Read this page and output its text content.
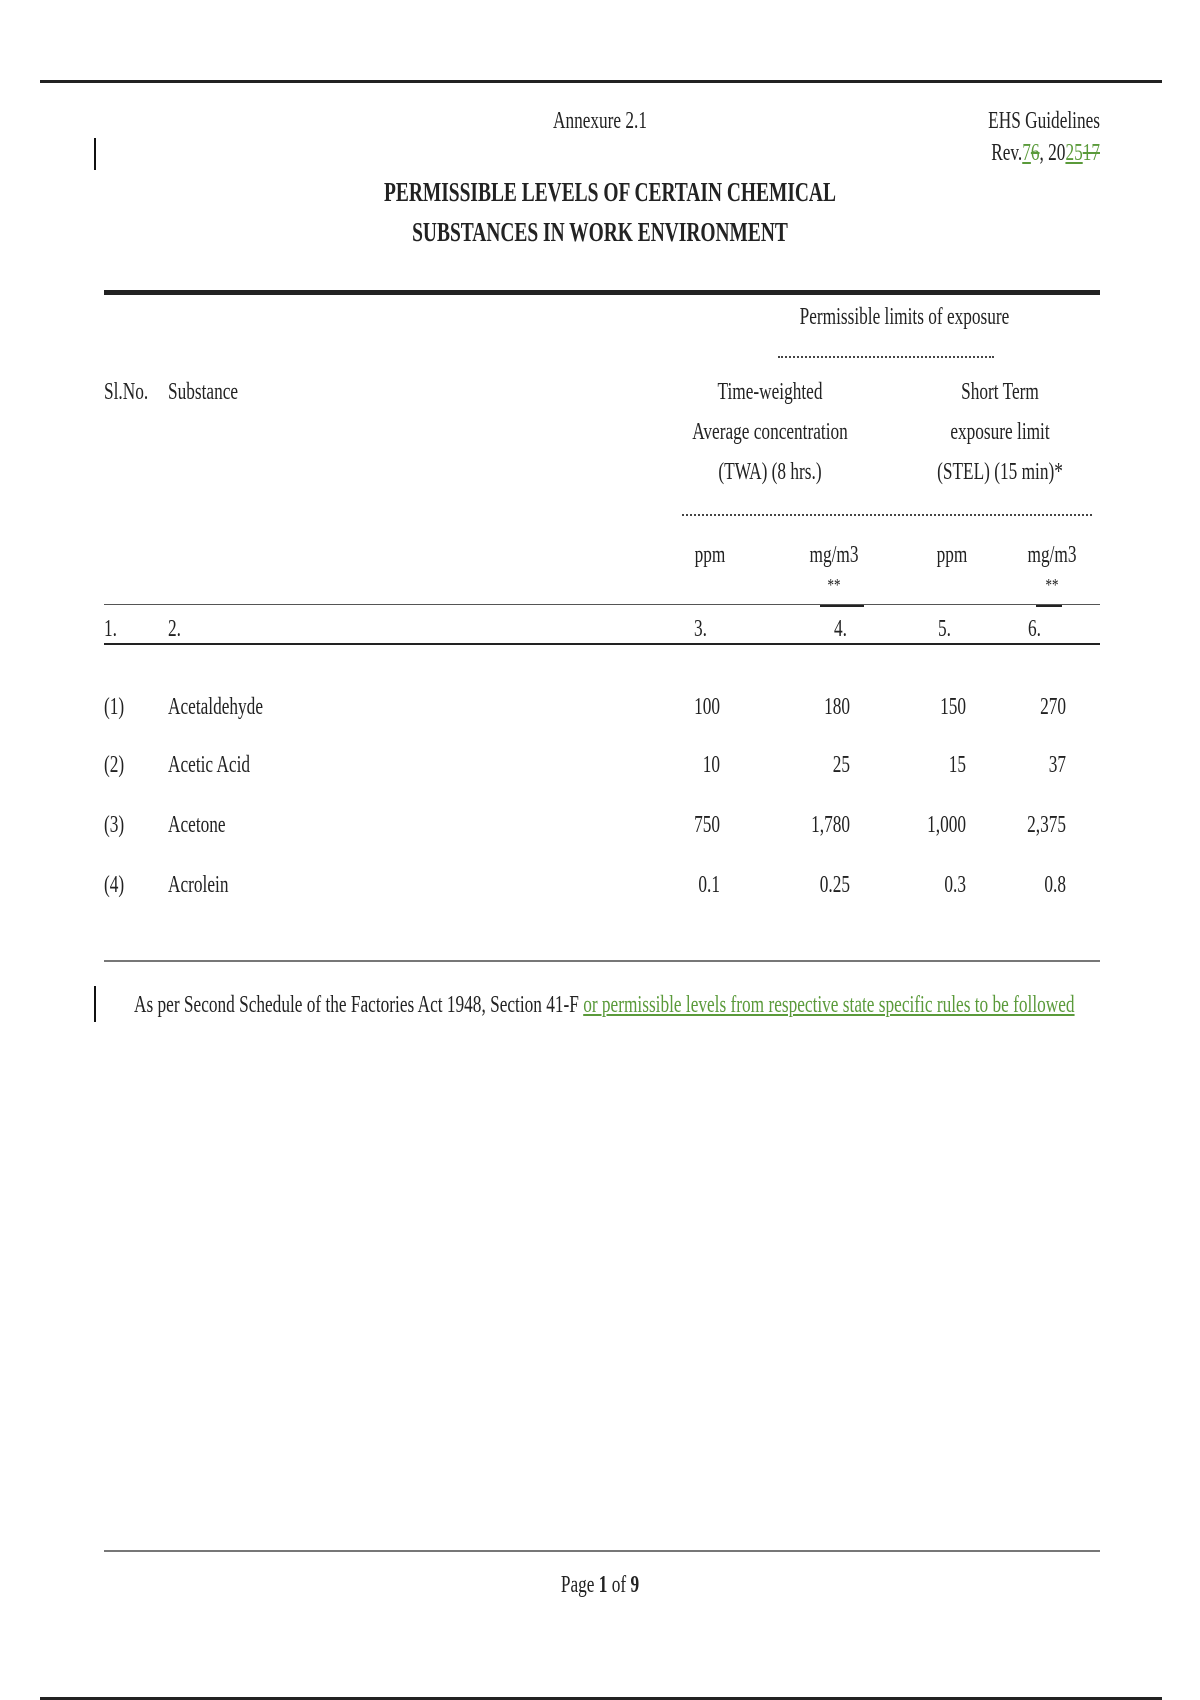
Annexure 2.1	EHS Guidelines
Rev.76, 202517
PERMISSIBLE LEVELS OF CERTAIN CHEMICAL
SUBSTANCES IN WORK ENVIRONMENT
Permissible limits of exposure
Sl.No. Substance	Time-weighted
Average concentration
(TWA) (8 hrs.)
Short Term
exposure limit
(STEL) (15 min)*
ppm	mg/m3
**
ppm	mg/m3
**
1. 2.	3.	4.	5.	6.
(1)	Acetaldehyde	100	180	150	270
(2)	Acetic Acid	10	25	15	37
(3)	Acetone	750	1,780	1,000	2,375
(4)	Acrolein	0.1	0.25	0.3	0.8
As per Second Schedule of the Factories Act 1948, Section 41-F or permissible levels from respective state specific rules to be followed
Page 1 of 9
